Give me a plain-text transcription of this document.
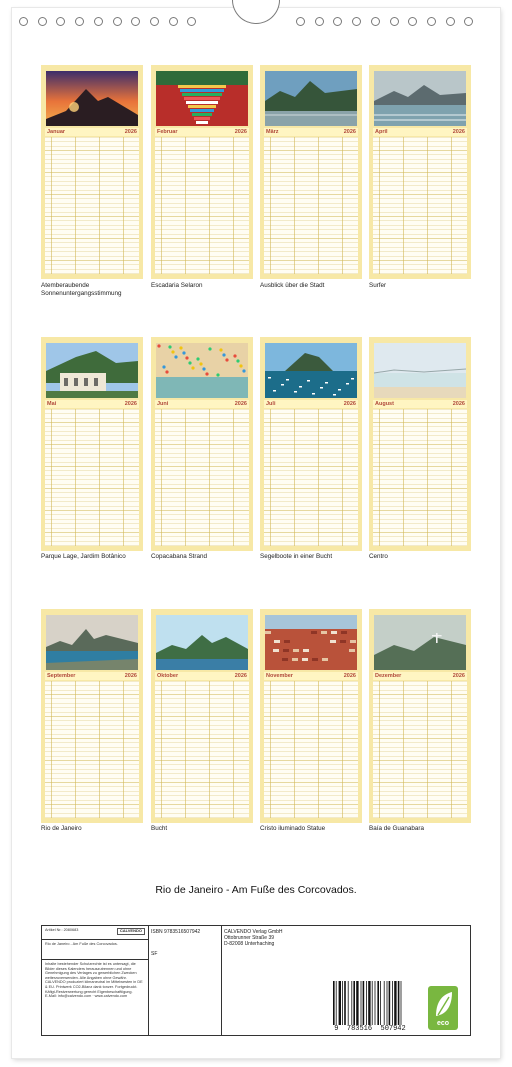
Januar	2026
Atemberaubende Sonnenuntergangsstimmung
Februar	2026
Escadaria Selaron
März	2026
Ausblick über die Stadt
April	2026
Surfer
Mai	2026
Parque Lage, Jardim Botânico
Juni	2026
Copacabana Strand
Juli	2026
Segelboote in einer Bucht
August	2026
Centro
September	2026
Rio de Janeiro
Oktober	2026
Bucht
November	2026
Cristo iluminado Statue
Dezember	2026
Baía de Guanabara
Rio de Janeiro - Am Fuße des Corcovados.
Artikel Nr.: 2080683	CALVENDO
Rio de Janeiro - Am Fuße des Corcovados.
Inhalte bestehender Schutzrechte ist es untersagt, die Bilder dieses Kalenders herauszutrennen und ohne Genehmigung des Verlages zu gewerblichen Zwecken weiterzuverwenden. Alle Angaben ohne Gewähr. CALVENDO produziert klimaneutral im Mittelwesten in DE & EU. Printwerk CO2-Bilanz dank tonzer. Fortgedruckt. Käfigt-Restverwertung gerecht Eigenbeschaftiigung.
E-Mail: info@calvendo.com · www.calvendo.com
ISBN 9783516507942
SF
CALVENDO Verlag GmbH
Ottobrunner Straße 39
D-82008 Unterhaching
9  783516  507942
eco
